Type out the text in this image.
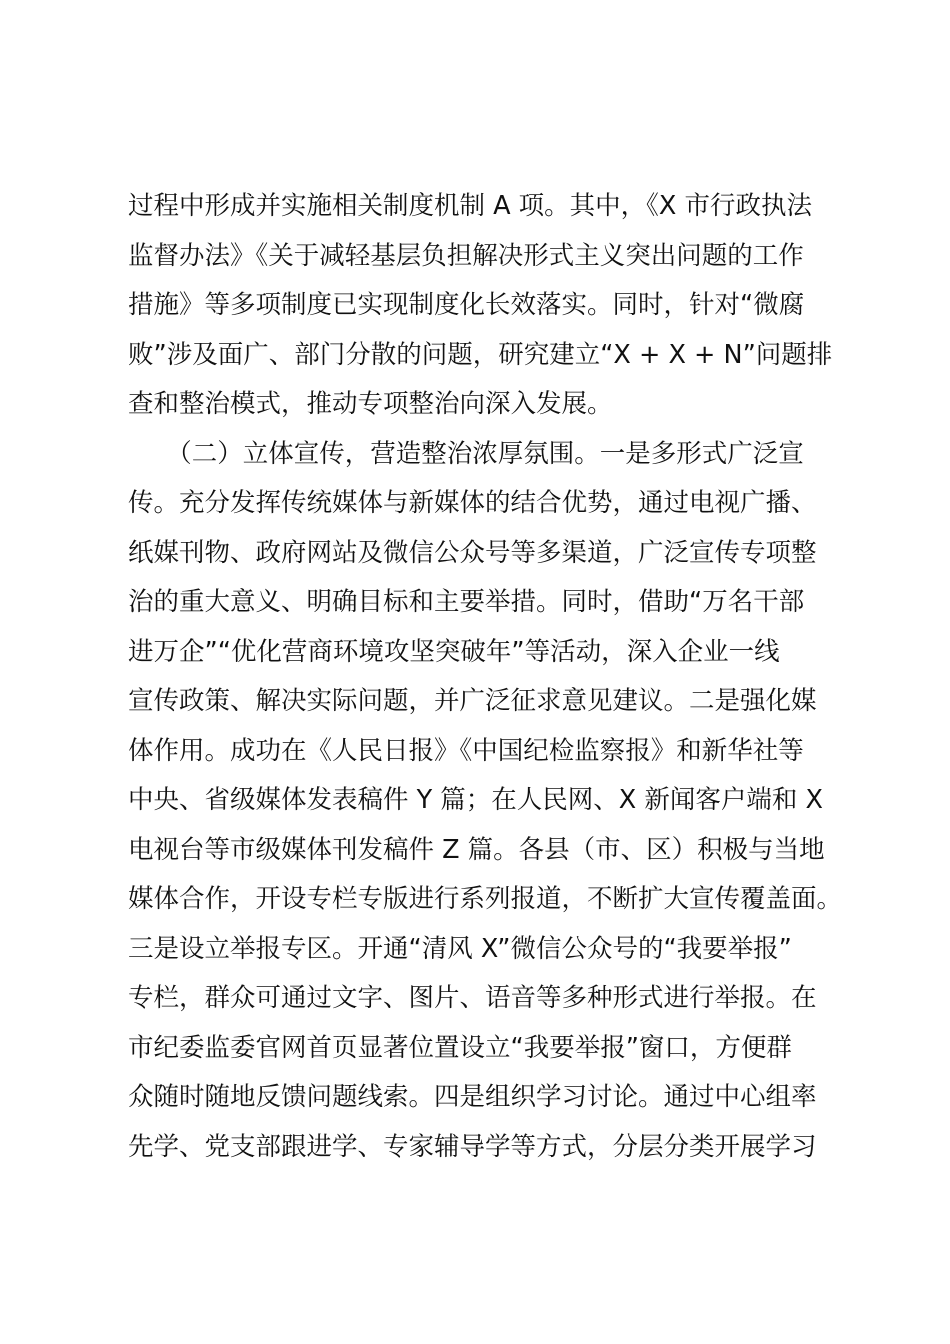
过程中形成并实施相关制度机制 A 项。其中，《X 市行政执法
监督办法》《关于减轻基层负担解决形式主义突出问题的工作
措施》等多项制度已实现制度化长效落实。同时，针对“微腐
败”涉及面广、部门分散的问题，研究建立“X + X + N”问题排
查和整治模式，推动专项整治向深入发展。
　　（二）立体宣传，营造整治浓厚氛围。一是多形式广泛宣
传。充分发挥传统媒体与新媒体的结合优势，通过电视广播、
纸媒刊物、政府网站及微信公众号等多渠道，广泛宣传专项整
治的重大意义、明确目标和主要举措。同时，借助“万名干部
进万企”“优化营商环境攻坚突破年”等活动，深入企业一线
宣传政策、解决实际问题，并广泛征求意见建议。二是强化媒
体作用。成功在《人民日报》《中国纪检监察报》和新华社等
中央、省级媒体发表稿件 Y 篇；在人民网、X 新闻客户端和 X
电视台等市级媒体刊发稿件 Z 篇。各县（市、区）积极与当地
媒体合作，开设专栏专版进行系列报道，不断扩大宣传覆盖面。
三是设立举报专区。开通“清风 X”微信公众号的“我要举报”
专栏，群众可通过文字、图片、语音等多种形式进行举报。在
市纪委监委官网首页显著位置设立“我要举报”窗口，方便群
众随时随地反馈问题线索。四是组织学习讨论。通过中心组率
先学、党支部跟进学、专家辅导学等方式，分层分类开展学习
